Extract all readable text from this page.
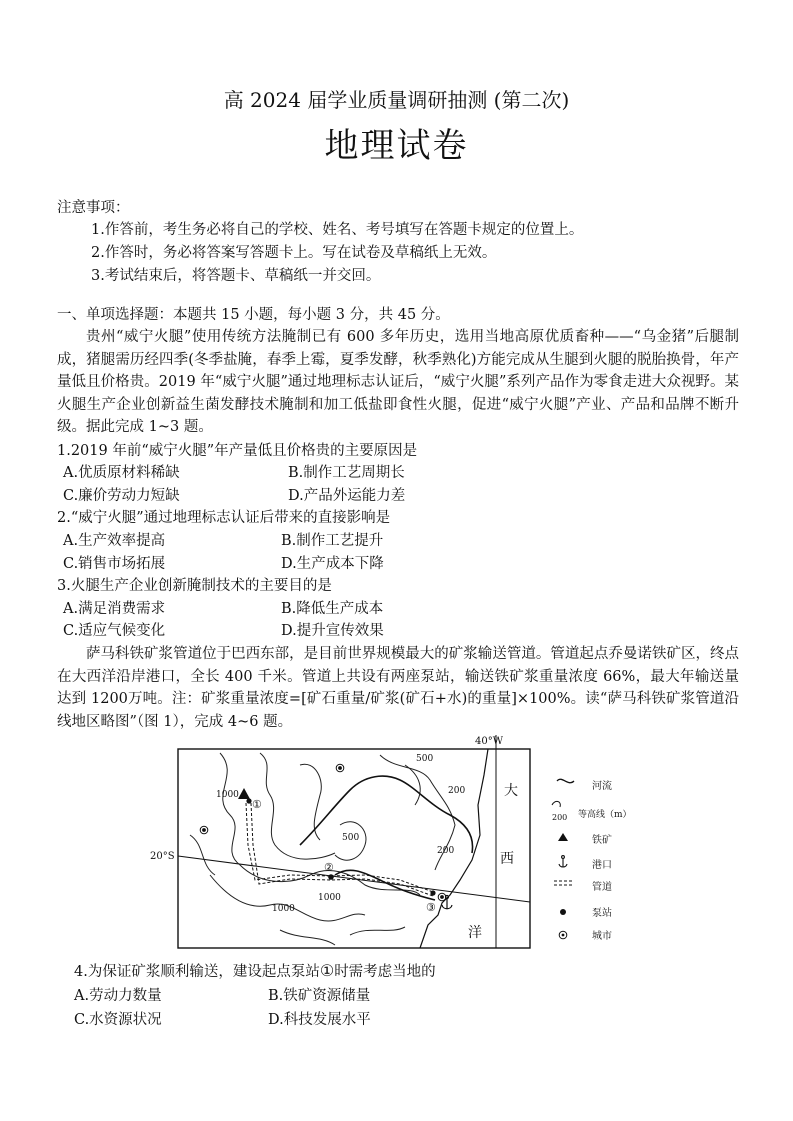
高 2024 届学业质量调研抽测 (第二次)
地理试卷
注意事项：
1.作答前，考生务必将自己的学校、姓名、考号填写在答题卡规定的位置上。
2.作答时，务必将答案写答题卡上。写在试卷及草稿纸上无效。
3.考试结束后，将答题卡、草稿纸一并交回。
一、单项选择题：本题共 15 小题，每小题 3 分，共 45 分。
贵州“威宁火腿”使用传统方法腌制已有 600 多年历史，选用当地高原优质畜种——“乌金猪”后腿制成，猪腿需历经四季(冬季盐腌，春季上霉，夏季发酵，秋季熟化)方能完成从生腿到火腿的脱胎换骨，年产量低且价格贵。2019 年“威宁火腿”通过地理标志认证后，“威宁火腿”系列产品作为零食走进大众视野。某火腿生产企业创新益生菌发酵技术腌制和加工低盐即食性火腿，促进“威宁火腿”产业、产品和品牌不断升级。据此完成 1~3 题。
1.2019 年前“威宁火腿”年产量低且价格贵的主要原因是
A.优质原材料稀缺	B.制作工艺周期长
C.廉价劳动力短缺	D.产品外运能力差
2.“威宁火腿”通过地理标志认证后带来的直接影响是
A.生产效率提高	B.制作工艺提升
C.销售市场拓展	D.生产成本下降
3.火腿生产企业创新腌制技术的主要目的是
A.满足消费需求	B.降低生产成本
C.适应气候变化	D.提升宣传效果
萨马科铁矿浆管道位于巴西东部，是目前世界规模最大的矿浆输送管道。管道起点乔曼诺铁矿区，终点在大西洋沿岸港口，全长 400 千米。管道上共设有两座泵站，输送铁矿浆重量浓度 66%，最大年输送量达到 1200万吨。注：矿浆重量浓度=[矿石重量/矿浆(矿石+水)的重量]×100%。读“萨马科铁矿浆管道沿线地区略图”（图 1），完成 4~6 题。
40°W
20°S
1000
500
200
500
200
1000
1000
①
②
③
大
西
洋
河流
200 等高线（m）
铁矿
港口
管道
泵站
城市
4.为保证矿浆顺利输送，建设起点泵站①时需考虑当地的
A.劳动力数量	B.铁矿资源储量
C.水资源状况	D.科技发展水平
